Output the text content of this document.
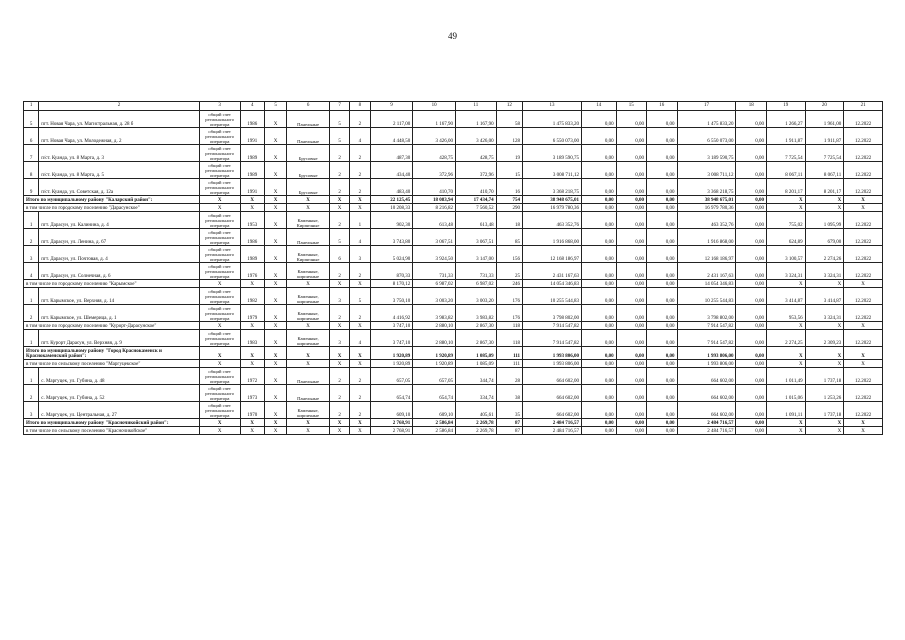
49
1	2	3	4	5	6	7	8	9	10	11	12	13	14	15	16	17	18	19	20	21
5	пгт. Новая Чара, ул. Магистральная, д. 28 б	общий счет регионального оператора	1986	X	Панельные	5	2	2 117,00	1 167,90	1 167,90	58	1 475 833,20	0,00	0,00	0,00	1 475 833,20	0,00	1 266,27	1 961,00	12.2022
6	пгт. Новая Чара, ул. Молодежная, д. 2	общий счет регионального оператора	1991	X	Панельные	5	4	4 448,50	3 426,00	3 426,00	128	6 550 073,00	0,00	0,00	0,00	6 550 073,00	0,00	1 911,87	1 911,87	12.2022
7	п/ст. Куанда, ул. 8 Марта, д. 3	общий счет регионального оператора	1989	X	Брусовые	2	2	487,30	428,75	428,75	19	3 189 590,75	0,00	0,00	0,00	3 189 590,75	0,00	7 725,54	7 725,54	12.2022
8	п/ст. Куанда, ул. 8 Марта, д. 5	общий счет регионального оператора	1989	X	Брусовые	2	2	434,40	372,96	372,96	15	3 008 711,12	0,00	0,00	0,00	3 008 711,12	0,00	8 067,11	8 067,11	12.2022
9	п/ст. Куанда, ул. Советская, д. 12а	общий счет регионального оператора	1991	X	Брусовые	2	2	483,40	410,70	410,70	16	3 368 218,75	0,00	0,00	0,00	3 368 218,75	0,00	8 201,17	8 201,17	12.2022
Итого по муниципальному району "Каларский район":		X	X	X	X	X	X	22 125,45	18 083,94	17 434,74	754	38 948 675,01	0,00	0,00	0,00	38 948 675,01	0,00	X	X	X
в том числе по городскому поселению "Дарасунское"		X	X	X	X	X	X	10 208,33	8 216,82	7 560,52	290	16 979 780,36	0,00	0,00	0,00	16 979 780,36	0,00	X	X	X
1	пгт. Дарасун, ул. Калинина, д. 4	общий счет регионального оператора	1953	X	Каменные, Кирпичные	2	1	902,30	613,48	613,48	18	463 352,76	0,00	0,00	0,00	463 352,76	0,00	755,02	1 095,99	12.2022
2	пгт. Дарасун, ул. Ленина, д. 67	общий счет регионального оператора	1986	X	Панельные	5	4	3 743,80	3 067,51	3 067,51	85	1 916 868,00	0,00	0,00	0,00	1 916 868,00	0,00	624,89	679,00	12.2022
3	пгт. Дарасун, ул. Почтовая, д. 4	общий счет регионального оператора	1989	X	Каменные, Кирпичные	6	3	5 024,90	3 924,50	3 147,00	156	12 168 186,97	0,00	0,00	0,00	12 168 186,97	0,00	3 100,57	2 274,26	12.2022
4	пгт. Дарасун, ул. Солнечная, д. 6	общий счет регионального оператора	1976	X	Каменные, кирпичные	2	2	870,33	731,33	731,33	25	2 431 167,63	0,00	0,00	0,00	2 431 167,63	0,00	3 324,31	3 324,31	12.2022
в том числе по городскому поселению "Карымское"		X	X	X	X	X	X	8 170,12	6 987,02	6 987,02	246	14 054 346,83	0,00	0,00	0,00	14 054 346,83	0,00	X	X	X
1	пгт. Карымское, ул. Верхняя, д. 14	общий счет регионального оператора	1982	X	Каменные, кирпичные	3	5	3 750,10	3 003,20	3 003,20	176	10 255 544,83	0,00	0,00	0,00	10 255 544,83	0,00	3 414,87	3 414,87	12.2022
2	пгт. Карымское, ул. Шемерица, д. 1	общий счет регионального оператора	1979	X	Каменные, кирпичные	2	2	4 416,92	3 983,82	3 983,82	176	3 798 802,00	0,00	0,00	0,00	3 798 802,00	0,00	953,56	3 324,31	12.2022
в том числе по городскому поселению "Курорт-Дарасунское"		X	X	X	X	X	X	3 747,10	2 880,10	2 867,30	118	7 914 547,82	0,00	0,00	0,00	7 914 547,82	0,00	X	X	X
1	пгт. Курорт Дарасун, ул. Верхняя, д. 9	общий счет регионального оператора	1983	X	Каменные, кирпичные	3	4	3 747,10	2 880,10	2 867,30	118	7 914 547,82	0,00	0,00	0,00	7 914 547,82	0,00	2 274,25	2 309,23	12.2022
Итого по муниципальному району "Город Краснокаменск и Краснокаменский район":		X	X	X	X	X	X	1 920,89	1 920,89	1 085,09	111	1 993 806,00	0,00	0,00	0,00	1 993 806,00	0,00	X	X	X
в том числе по сельскому поселению "Маргуцекское"		X	X	X	X	X	X	1 920,89	1 920,89	1 085,09	111	1 993 806,00	0,00	0,00	0,00	1 993 806,00	0,00	X	X	X
1	с. Маргуцек, ул. Губина, д. 48	общий счет регионального оператора	1972	X	Панельные	2	2	657,05	657,05	344,74	28	664 602,00	0,00	0,00	0,00	664 602,00	0,00	1 011,49	1 737,18	12.2022
2	с. Маргуцек, ул. Губина, д. 52	общий счет регионального оператора	1973	X	Панельные	2	2	654,74	654,74	334,74	38	664 602,00	0,00	0,00	0,00	664 602,00	0,00	1 015,06	1 253,26	12.2022
3	с. Маргуцек, ул. Центральная, д. 27	общий счет регионального оператора	1970	X	Каменные, кирпичные	2	2	609,10	609,10	405,61	35	664 602,00	0,00	0,00	0,00	664 602,00	0,00	1 091,11	1 737,18	12.2022
Итого по муниципальному району "Красночикойский район":		X	X	X	X	X	X	2 768,91	2 586,84	2 269,78	87	2 484 716,57	0,00	0,00	0,00	2 484 716,57	0,00	X	X	X
в том числе по сельскому поселению "Красночикойское"		X	X	X	X	X	X	2 768,91	2 586,84	2 269,78	87	2 484 716,57	0,00	0,00	0,00	2 484 716,57	0,00	X	X	X
